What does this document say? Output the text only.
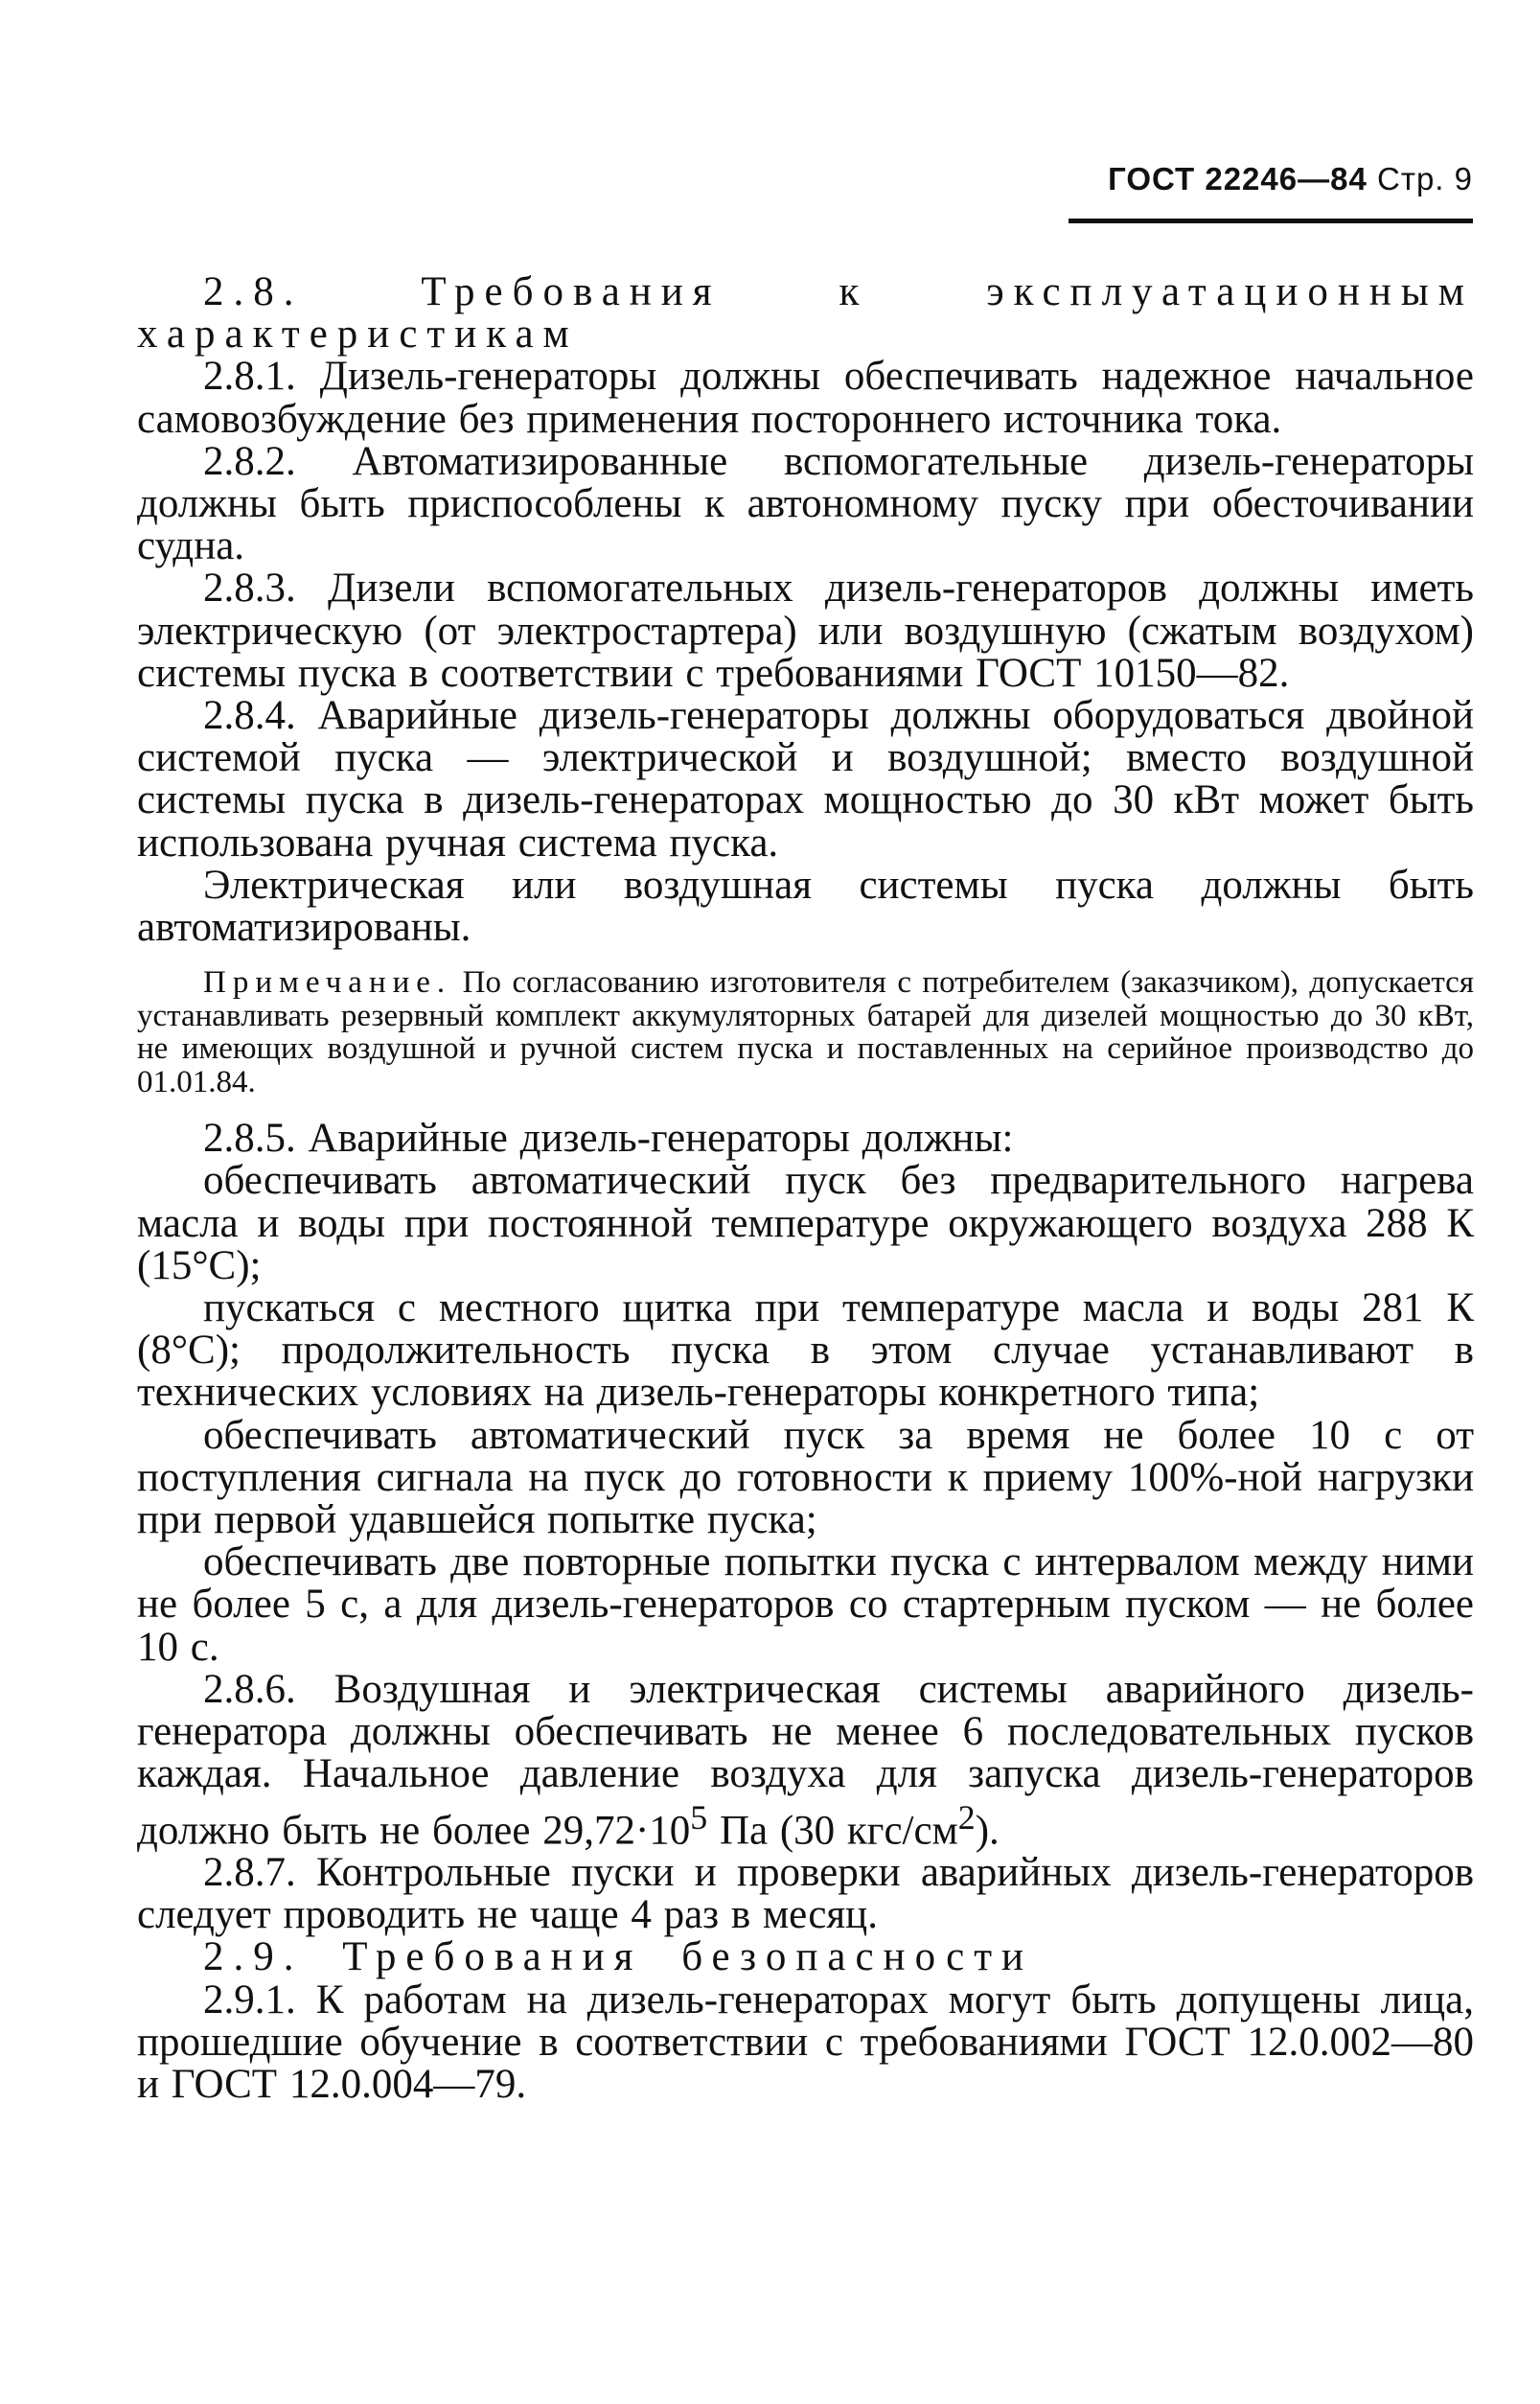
ГОСТ 22246—84 Стр. 9

2.8. Требования к эксплуатационным характеристикам

2.8.1. Дизель-генераторы должны обеспечивать надежное начальное самовозбуждение без применения постороннего источника тока.

2.8.2. Автоматизированные вспомогательные дизель-генераторы должны быть приспособлены к автономному пуску при обесточивании судна.

2.8.3. Дизели вспомогательных дизель-генераторов должны иметь электрическую (от электростартера) или воздушную (сжатым воздухом) системы пуска в соответствии с требованиями ГОСТ 10150—82.

2.8.4. Аварийные дизель-генераторы должны оборудоваться двойной системой пуска — электрической и воздушной; вместо воздушной системы пуска в дизель-генераторах мощностью до 30 кВт может быть использована ручная система пуска.

Электрическая или воздушная системы пуска должны быть автоматизированы.

Примечание. По согласованию изготовителя с потребителем (заказчиком), допускается устанавливать резервный комплект аккумуляторных батарей для дизелей мощностью до 30 кВт, не имеющих воздушной и ручной систем пуска и поставленных на серийное производство до 01.01.84.

2.8.5. Аварийные дизель-генераторы должны:

обеспечивать автоматический пуск без предварительного нагрева масла и воды при постоянной температуре окружающего воздуха 288 К (15°С);

пускаться с местного щитка при температуре масла и воды 281 К (8°С); продолжительность пуска в этом случае устанавливают в технических условиях на дизель-генераторы конкретного типа;

обеспечивать автоматический пуск за время не более 10 с от поступления сигнала на пуск до готовности к приему 100%-ной нагрузки при первой удавшейся попытке пуска;

обеспечивать две повторные попытки пуска с интервалом между ними не более 5 с, а для дизель-генераторов со стартерным пуском — не более 10 с.

2.8.6. Воздушная и электрическая системы аварийного дизель-генератора должны обеспечивать не менее 6 последовательных пусков каждая. Начальное давление воздуха для запуска дизель-генераторов должно быть не более $29,72\cdot 10^5$ Па (30 кгс/$см^2$).

2.8.7. Контрольные пуски и проверки аварийных дизель-генераторов следует проводить не чаще 4 раз в месяц.

2.9. Требования безопасности

2.9.1. К работам на дизель-генераторах могут быть допущены лица, прошедшие обучение в соответствии с требованиями ГОСТ 12.0.002—80 и ГОСТ 12.0.004—79.
